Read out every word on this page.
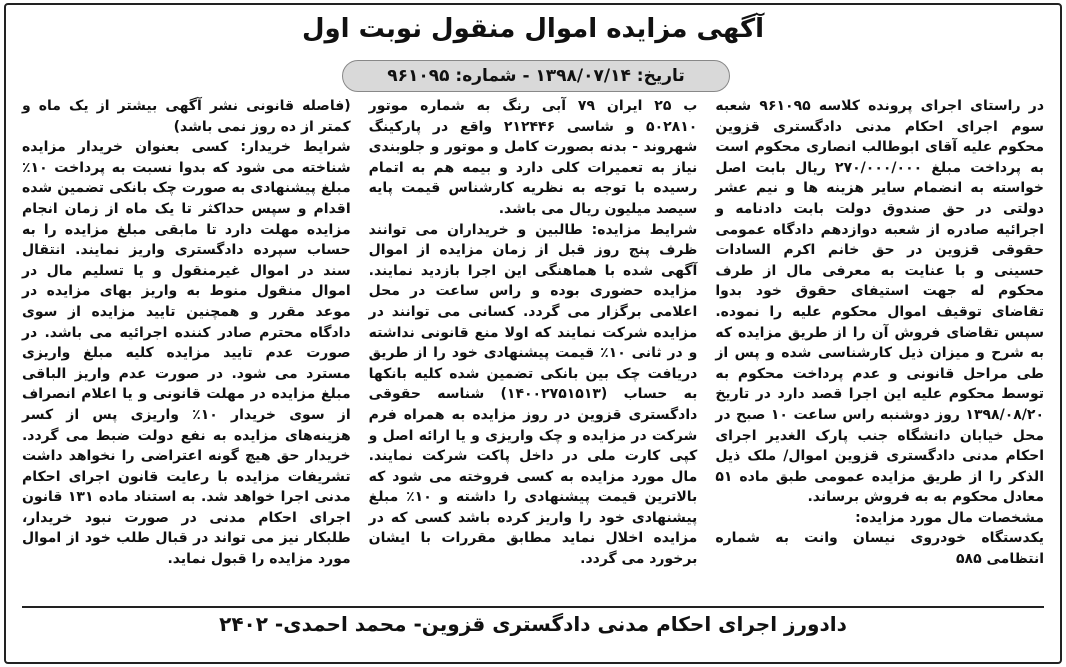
آگهی مزایده اموال منقول نوبت اول
تاریخ: ۱۳۹۸/۰۷/۱۴ - شماره: ۹۶۱۰۹۵

در راستای اجرای پرونده کلاسه ۹۶۱۰۹۵ شعبه سوم اجرای احکام مدنی دادگستری قزوین محکوم علیه آقای ابوطالب انصاری محکوم است به پرداخت مبلغ ۲۷۰/۰۰۰/۰۰۰ ریال بابت اصل خواسته به انضمام سایر هزینه ها و نیم عشر دولتی در حق صندوق دولت بابت دادنامه و اجرائیه صادره از شعبه دوازدهم دادگاه عمومی حقوقی قزوین در حق خانم اکرم السادات حسینی و با عنایت به معرفی مال از طرف محکوم له جهت استیفای حقوق خود بدوا تقاضای توقیف اموال محکوم علیه را نموده. سپس تقاضای فروش آن را از طریق مزایده که به شرح و میزان ذیل کارشناسی شده و پس از طی مراحل قانونی و عدم پرداخت محکوم به توسط محکوم علیه این اجرا قصد دارد در تاریخ ۱۳۹۸/۰۸/۲۰ روز دوشنبه راس ساعت ۱۰ صبح در محل خیابان دانشگاه جنب پارک الغدیر اجرای احکام مدنی دادگستری قزوین اموال/ ملک ذیل الذکر را از طریق مزایده عمومی طبق ماده ۵۱ معادل محکوم به به فروش برساند.

مشخصات مال مورد مزایده:

یکدستگاه خودروی نیسان وانت به شماره انتظامی ۵۸۵

ب ۲۵ ایران ۷۹ آبی رنگ به شماره موتور ۵۰۲۸۱۰ و شاسی ۲۱۲۴۴۶ واقع در پارکینگ شهروند - بدنه بصورت کامل و موتور و جلوبندی نیاز به تعمیرات کلی دارد و بیمه هم به اتمام رسیده با توجه به نظریه کارشناس قیمت پایه سیصد میلیون ریال می باشد.

شرایط مزایده: طالبین و خریداران می توانند ظرف پنج روز قبل از زمان مزایده از اموال آگهی شده با هماهنگی این اجرا بازدید نمایند. مزایده حضوری بوده و راس ساعت در محل اعلامی برگزار می گردد. کسانی می توانند در مزایده شرکت نمایند که اولا منع قانونی نداشته و در ثانی ۱۰٪ قیمت پیشنهادی خود را از طریق دریافت چک بین بانکی تضمین شده کلیه بانکها به حساب (۱۴۰۰۲۷۵۱۵۱۳) شناسه حقوقی دادگستری قزوین در روز مزایده به همراه فرم شرکت در مزایده و چک واریزی و یا ارائه اصل و کپی کارت ملی در داخل پاکت شرکت نمایند. مال مورد مزایده به کسی فروخته می شود که بالاترین قیمت پیشنهادی را داشته و ۱۰٪ مبلغ پیشنهادی خود را واریز کرده باشد کسی که در مزایده اخلال نماید مطابق مقررات با ایشان برخورد می گردد.

(فاصله قانونی نشر آگهی بیشتر از یک ماه و کمتر از ده روز نمی باشد)

شرایط خریدار: کسی بعنوان خریدار مزایده شناخته می شود که بدوا نسبت به پرداخت ۱۰٪ مبلغ پیشنهادی به صورت چک بانکی تضمین شده اقدام و سپس حداکثر تا یک ماه از زمان انجام مزایده مهلت دارد تا مابقی مبلغ مزایده را به حساب سپرده دادگستری واریز نمایند. انتقال سند در اموال غیرمنقول و یا تسلیم مال در اموال منقول منوط به واریز بهای مزایده در موعد مقرر و همچنین تایید مزایده از سوی دادگاه محترم صادر کننده اجرائیه می باشد. در صورت عدم تایید مزایده کلیه مبلغ واریزی مسترد می شود. در صورت عدم واریز الباقی مبلغ مزایده در مهلت قانونی و یا اعلام انصراف از سوی خریدار ۱۰٪ واریزی پس از کسر هزینه‌های مزایده به نفع دولت ضبط می گردد. خریدار حق هیچ گونه اعتراضی را نخواهد داشت تشریفات مزایده با رعایت قانون اجرای احکام مدنی اجرا خواهد شد. به استناد ماده ۱۳۱ قانون اجرای احکام مدنی در صورت نبود خریدار، طلبکار نیز می تواند در قبال طلب خود از اموال مورد مزایده را قبول نماید.

دادورز اجرای احکام مدنی دادگستری قزوین- محمد احمدی- ۲۴۰۲
